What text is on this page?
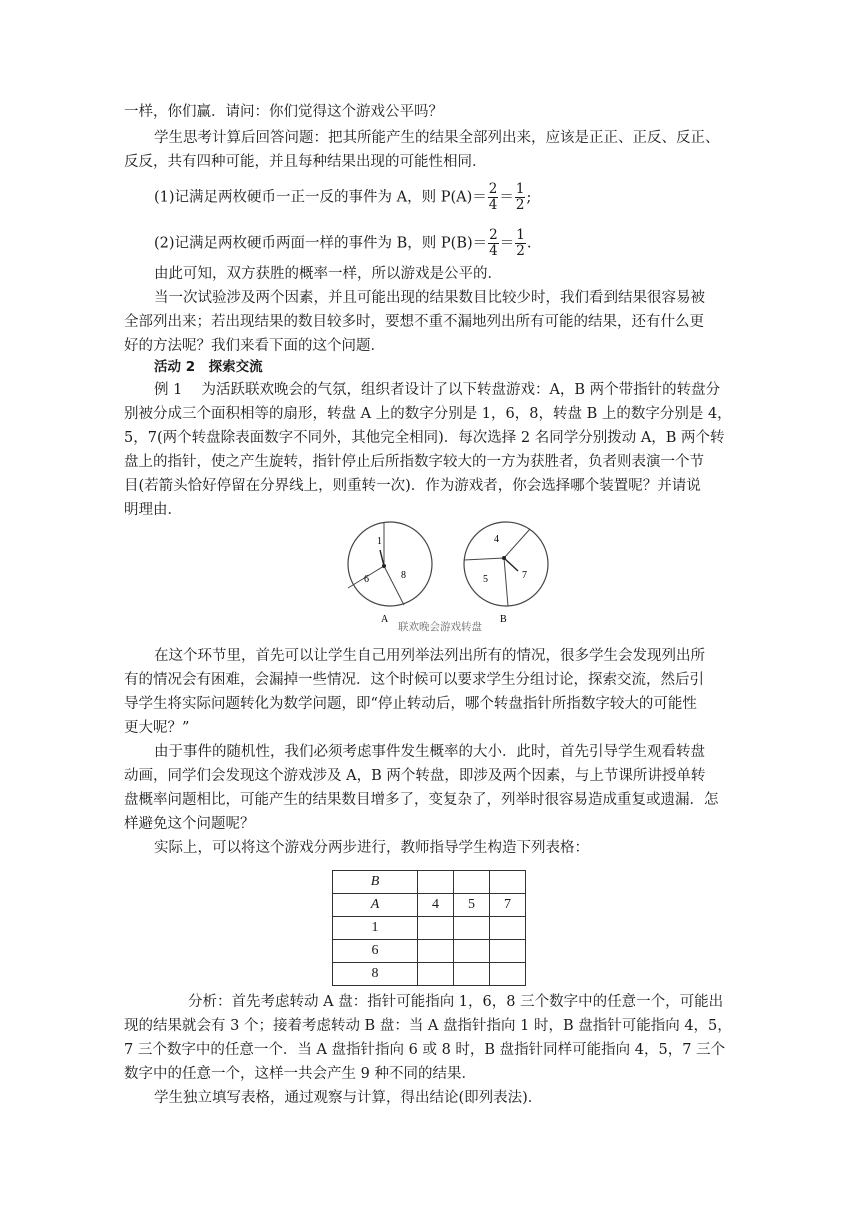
一样，你们赢．请问：你们觉得这个游戏公平吗？
学生思考计算后回答问题：把其所能产生的结果全部列出来，应该是正正、正反、反正、
反反，共有四种可能，并且每种结果出现的可能性相同．
(1)记满足两枚硬币一正一反的事件为 A，则 $P(A)= \frac{2}{4} = \frac{1}{2}$ ;
(2)记满足两枚硬币两面一样的事件为 B，则 $P(B)= \frac{2}{4} = \frac{1}{2}$ .
由此可知，双方获胜的概率一样，所以游戏是公平的．
当一次试验涉及两个因素，并且可能出现的结果数目比较少时，我们看到结果很容易被
全部列出来；若出现结果的数目较多时，要想不重不漏地列出所有可能的结果，还有什么更
好的方法呢？我们来看下面的这个问题．
活动 2　探索交流
例 1　 为活跃联欢晚会的气氛，组织者设计了以下转盘游戏：A，B 两个带指针的转盘分
别被分成三个面积相等的扇形，转盘 A 上的数字分别是 1，6，8，转盘 B 上的数字分别是 4，
5，7(两个转盘除表面数字不同外，其他完全相同)．每次选择 2 名同学分别拨动 A，B 两个转
盘上的指针，使之产生旋转，指针停止后所指数字较大的一方为获胜者，负者则表演一个节
目(若箭头恰好停留在分界线上，则重转一次)．作为游戏者，你会选择哪个装置呢？并请说
明理由．
1
6	8
A
4
5	7
B
联欢晚会游戏转盘
在这个环节里，首先可以让学生自己用列举法列出所有的情况，很多学生会发现列出所
有的情况会有困难，会漏掉一些情况．这个时候可以要求学生分组讨论，探索交流，然后引
导学生将实际问题转化为数学问题，即“停止转动后，哪个转盘指针所指数字较大的可能性
更大呢？”
由于事件的随机性，我们必须考虑事件发生概率的大小．此时，首先引导学生观看转盘
动画，同学们会发现这个游戏涉及 A，B 两个转盘，即涉及两个因素，与上节课所讲授单转
盘概率问题相比，可能产生的结果数目增多了，变复杂了，列举时很容易造成重复或遗漏．怎
样避免这个问题呢？
实际上，可以将这个游戏分两步进行，教师指导学生构造下列表格：
B			
A	4	5	7
1			
6			
8			
分析：首先考虑转动 A 盘：指针可能指向 1，6，8 三个数字中的任意一个，可能出
现的结果就会有 3 个；接着考虑转动 B 盘：当 A 盘指针指向 1 时，B 盘指针可能指向 4，5，
7 三个数字中的任意一个．当 A 盘指针指向 6 或 8 时，B 盘指针同样可能指向 4，5，7 三个
数字中的任意一个，这样一共会产生 9 种不同的结果．
学生独立填写表格，通过观察与计算，得出结论(即列表法)．
